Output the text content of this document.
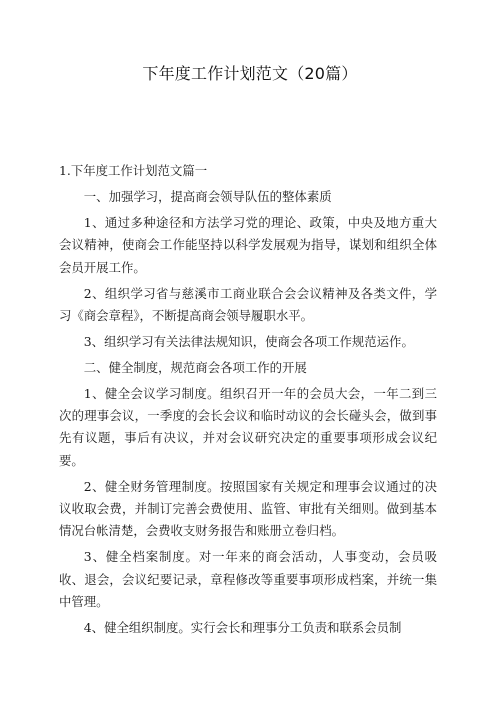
下年度工作计划范文（20篇）

1.下年度工作计划范文篇一

一、加强学习，提高商会领导队伍的整体素质

1、通过多种途径和方法学习党的理论、政策，中央及地方重大会议精神，使商会工作能坚持以科学发展观为指导，谋划和组织全体会员开展工作。

2、组织学习省与慈溪市工商业联合会会议精神及各类文件，学习《商会章程》，不断提高商会领导履职水平。

3、组织学习有关法律法规知识，使商会各项工作规范运作。

二、健全制度，规范商会各项工作的开展

1、健全会议学习制度。组织召开一年的会员大会，一年二到三次的理事会议，一季度的会长会议和临时动议的会长碰头会，做到事先有议题，事后有决议，并对会议研究决定的重要事项形成会议纪要。

2、健全财务管理制度。按照国家有关规定和理事会议通过的决议收取会费，并制订完善会费使用、监管、审批有关细则。做到基本情况台帐清楚，会费收支财务报告和账册立卷归档。

3、健全档案制度。对一年来的商会活动，人事变动，会员吸收、退会，会议纪要记录，章程修改等重要事项形成档案，并统一集中管理。

4、健全组织制度。实行会长和理事分工负责和联系会员制
